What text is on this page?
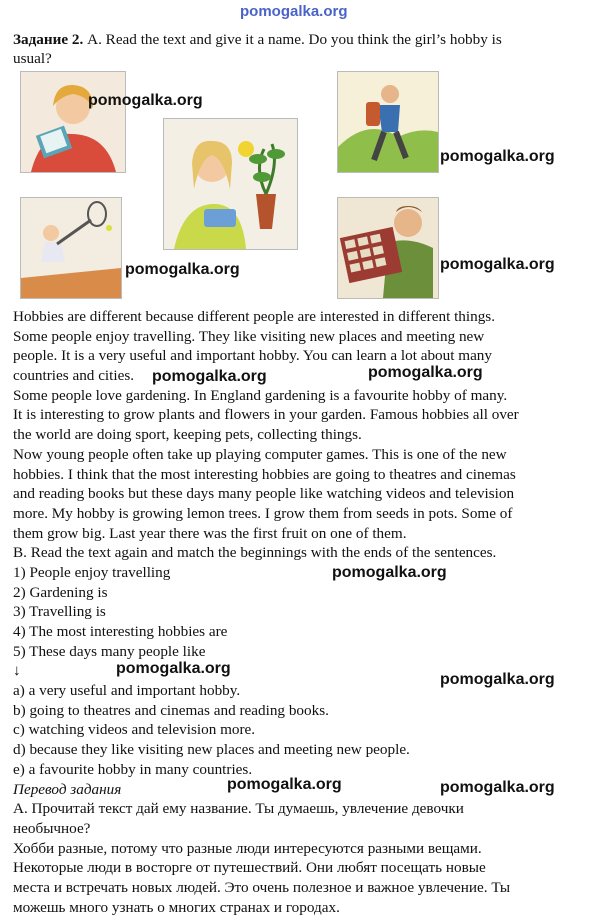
pomogalka.org
Задание 2. A. Read the text and give it a name. Do you think the girl’s hobby is
usual?
Hobbies are different because different people are interested in different things.
Some people enjoy travelling. They like visiting new places and meeting new
people. It is a very useful and important hobby. You can learn a lot about many
countries and cities.
Some people love gardening. In England gardening is a favourite hobby of many.
It is interesting to grow plants and flowers in your garden. Famous hobbies all over
the world are doing sport, keeping pets, collecting things.
Now young people often take up playing computer games. This is one of the new
hobbies. I think that the most interesting hobbies are going to theatres and cinemas
and reading books but these days many people like watching videos and television
more. My hobby is growing lemon trees. I grow them from seeds in pots. Some of
them grow big. Last year there was the first fruit on one of them.
B. Read the text again and match the beginnings with the ends of the sentences.
1) People enjoy travelling
2) Gardening is
3) Travelling is
4) The most interesting hobbies are
5) These days many people like
↓
a) a very useful and important hobby.
b) going to theatres and cinemas and reading books.
c) watching videos and television more.
d) because they like visiting new places and meeting new people.
e) a favourite hobby in many countries.
Перевод задания
А. Прочитай текст дай ему название. Ты думаешь, увлечение девочки
необычное?
Хобби разные, потому что разные люди интересуются разными вещами.
Некоторые люди в восторге от путешествий. Они любят посещать новые
места и встречать новых людей. Это очень полезное и важное увлечение. Ты
можешь много узнать о многих странах и городах.
pomogalka.org
pomogalka.org
pomogalka.org	pomogalka.org
pomogalka.org	pomogalka.org
pomogalka.org
pomogalka.org
pomogalka.org
pomogalka.org	pomogalka.org
